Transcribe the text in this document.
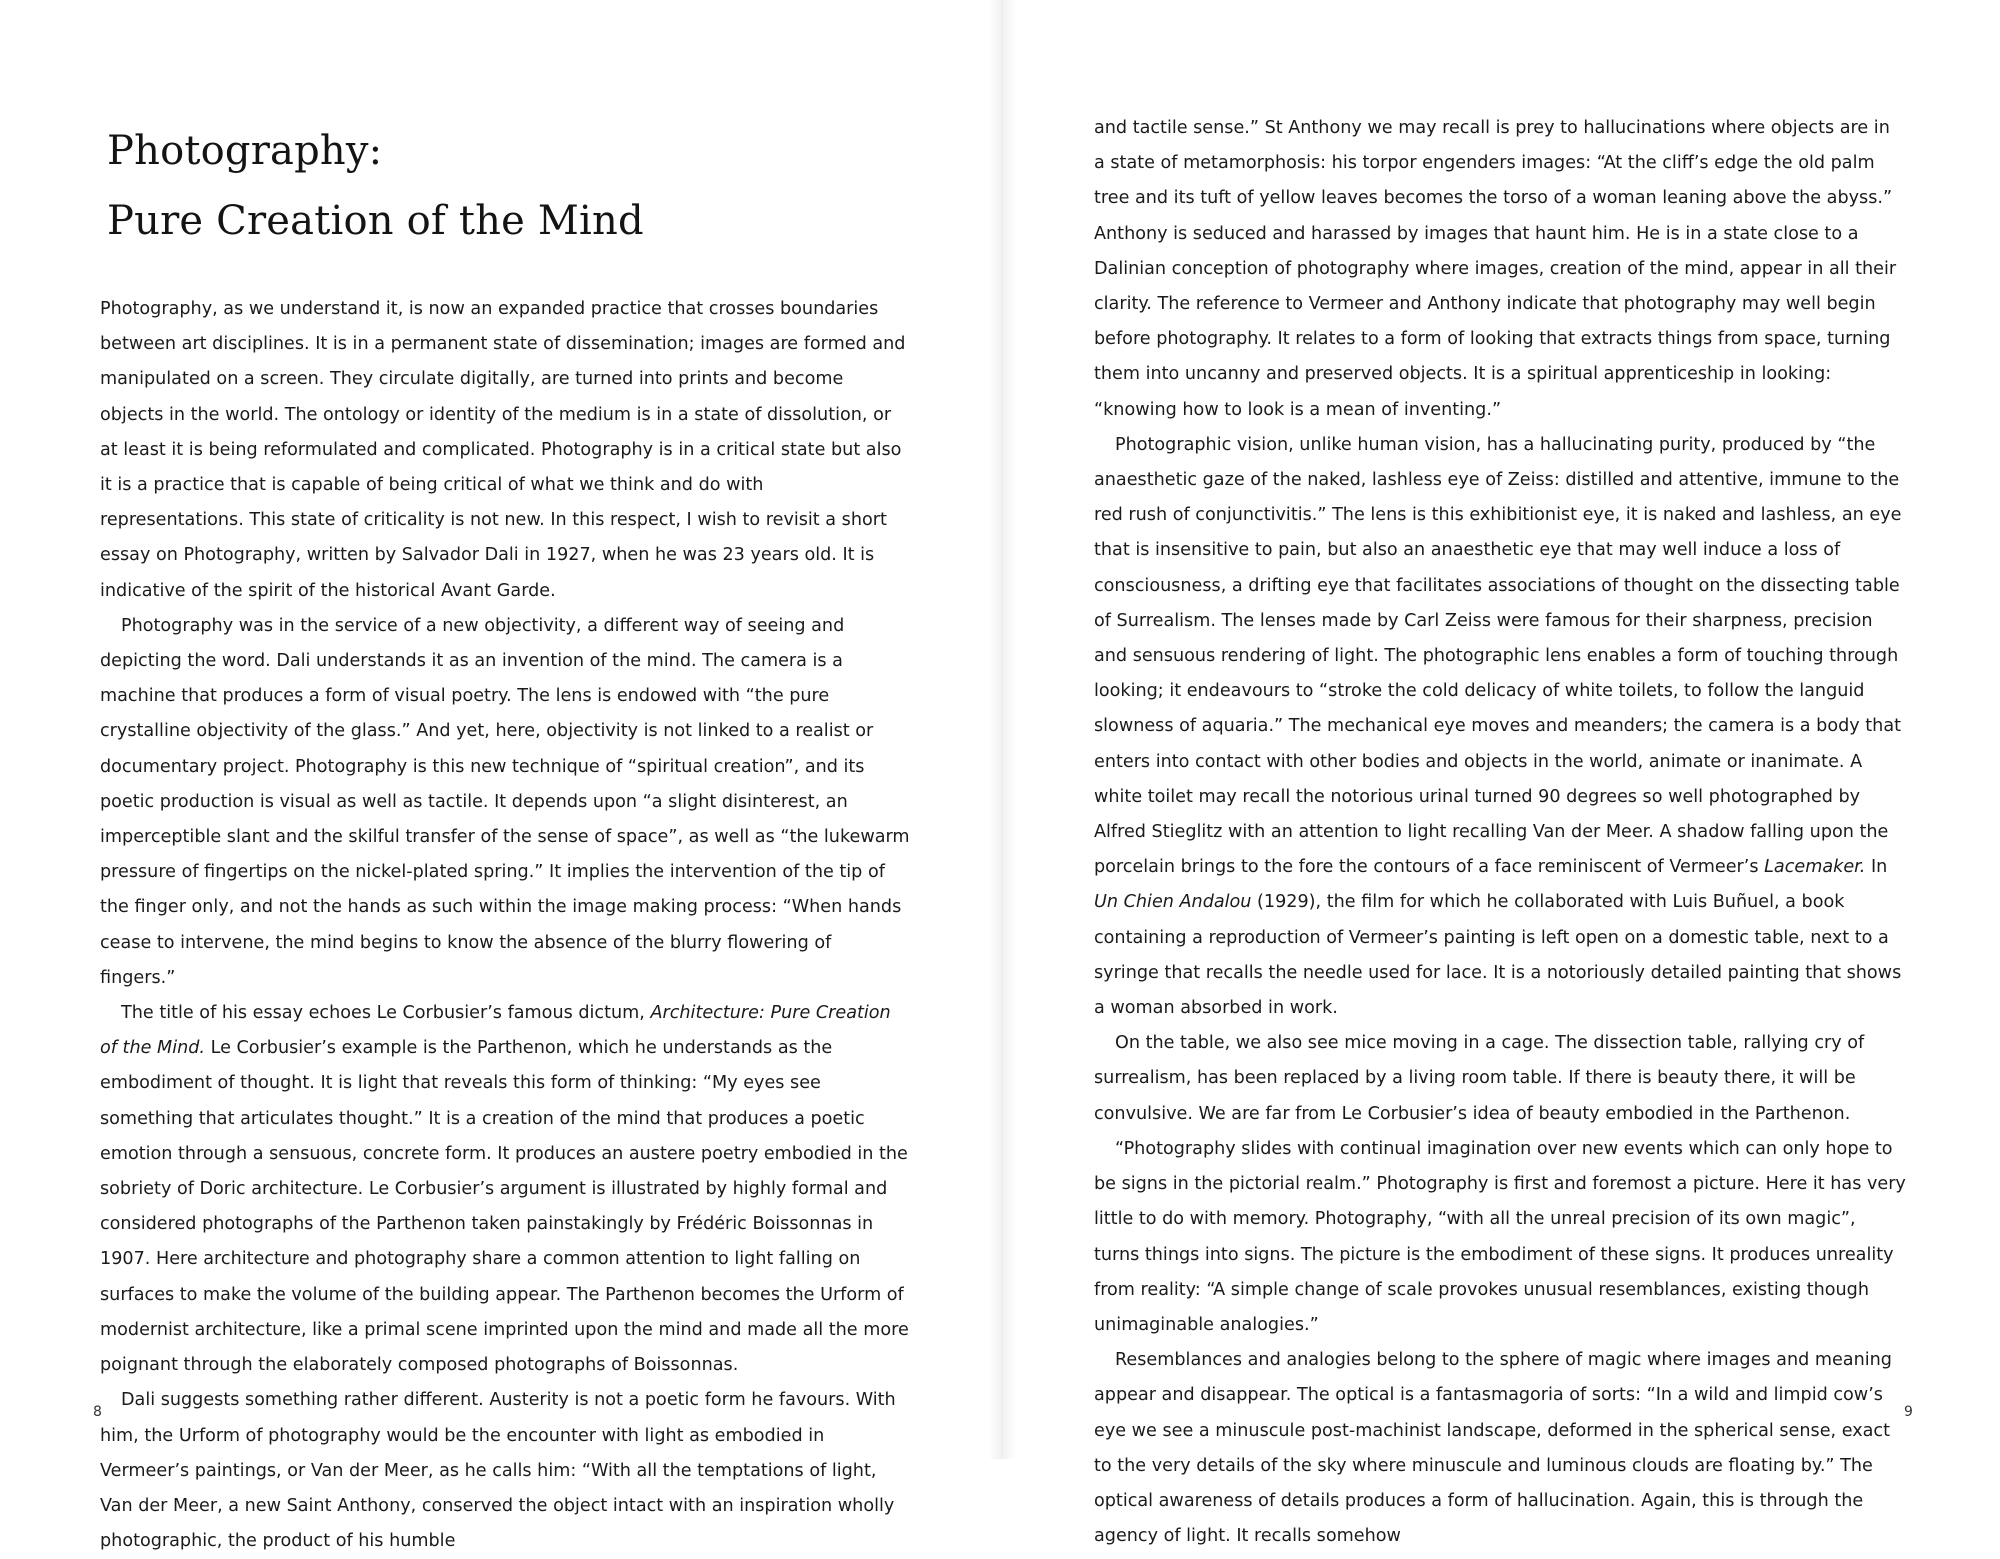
Photography:
Pure Creation of the Mind

Photography, as we understand it, is now an expanded practice that crosses boundaries between art disciplines. It is in a permanent state of dissemination; images are formed and manipulated on a screen. They circulate digitally, are turned into prints and become objects in the world. The ontology or identity of the medium is in a state of dissolution, or at least it is being reformulated and complicated. Photography is in a critical state but also it is a practice that is capable of being critical of what we think and do with representations. This state of criticality is not new. In this respect, I wish to revisit a short essay on Photography, written by Salvador Dali in 1927, when he was 23 years old. It is indicative of the spirit of the historical Avant Garde.

Photography was in the service of a new objectivity, a different way of seeing and depicting the word. Dali understands it as an invention of the mind. The camera is a machine that produces a form of visual poetry. The lens is endowed with “the pure crystalline objectivity of the glass.” And yet, here, objectivity is not linked to a realist or documentary project. Photography is this new technique of “spiritual creation”, and its poetic production is visual as well as tactile. It depends upon “a slight disinterest, an imperceptible slant and the skilful transfer of the sense of space”, as well as “the lukewarm pressure of fingertips on the nickel-plated spring.” It implies the intervention of the tip of the finger only, and not the hands as such within the image making process: “When hands cease to intervene, the mind begins to know the absence of the blurry flowering of fingers.”

The title of his essay echoes Le Corbusier’s famous dictum, Architecture: Pure Creation of the Mind. Le Corbusier’s example is the Parthenon, which he understands as the embodiment of thought. It is light that reveals this form of thinking: “My eyes see something that articulates thought.” It is a creation of the mind that produces a poetic emotion through a sensuous, concrete form. It produces an austere poetry embodied in the sobriety of Doric architecture. Le Corbusier’s argument is illustrated by highly formal and considered photographs of the Parthenon taken painstakingly by Frédéric Boissonnas in 1907. Here architecture and photography share a common attention to light falling on surfaces to make the volume of the building appear. The Parthenon becomes the Urform of modernist architecture, like a primal scene imprinted upon the mind and made all the more poignant through the elaborately composed photographs of Boissonnas.

Dali suggests something rather different. Austerity is not a poetic form he favours. With him, the Urform of photography would be the encounter with light as embodied in Vermeer’s paintings, or Van der Meer, as he calls him: “With all the temptations of light, Van der Meer, a new Saint Anthony, conserved the object intact with an inspiration wholly photographic, the product of his humble

8

and tactile sense.” St Anthony we may recall is prey to hallucinations where objects are in a state of metamorphosis: his torpor engenders images: “At the cliff’s edge the old palm tree and its tuft of yellow leaves becomes the torso of a woman leaning above the abyss.” Anthony is seduced and harassed by images that haunt him. He is in a state close to a Dalinian conception of photography where images, creation of the mind, appear in all their clarity. The reference to Vermeer and Anthony indicate that photography may well begin before photography. It relates to a form of looking that extracts things from space, turning them into uncanny and preserved objects. It is a spiritual apprenticeship in looking: “knowing how to look is a mean of inventing.”

Photographic vision, unlike human vision, has a hallucinating purity, produced by “the anaesthetic gaze of the naked, lashless eye of Zeiss: distilled and attentive, immune to the red rush of conjunctivitis.” The lens is this exhibitionist eye, it is naked and lashless, an eye that is insensitive to pain, but also an anaesthetic eye that may well induce a loss of consciousness, a drifting eye that facilitates associations of thought on the dissecting table of Surrealism. The lenses made by Carl Zeiss were famous for their sharpness, precision and sensuous rendering of light. The photographic lens enables a form of touching through looking; it endeavours to “stroke the cold delicacy of white toilets, to follow the languid slowness of aquaria.” The mechanical eye moves and meanders; the camera is a body that enters into contact with other bodies and objects in the world, animate or inanimate. A white toilet may recall the notorious urinal turned 90 degrees so well photographed by Alfred Stieglitz with an attention to light recalling Van der Meer. A shadow falling upon the porcelain brings to the fore the contours of a face reminiscent of Vermeer’s Lacemaker. In Un Chien Andalou (1929), the film for which he collaborated with Luis Buñuel, a book containing a reproduction of Vermeer’s painting is left open on a domestic table, next to a syringe that recalls the needle used for lace. It is a notoriously detailed painting that shows a woman absorbed in work.

On the table, we also see mice moving in a cage. The dissection table, rallying cry of surrealism, has been replaced by a living room table. If there is beauty there, it will be convulsive. We are far from Le Corbusier’s idea of beauty embodied in the Parthenon.

“Photography slides with continual imagination over new events which can only hope to be signs in the pictorial realm.” Photography is first and foremost a picture. Here it has very little to do with memory. Photography, “with all the unreal precision of its own magic”, turns things into signs. The picture is the embodiment of these signs. It produces unreality from reality: “A simple change of scale provokes unusual resemblances, existing though unimaginable analogies.”

Resemblances and analogies belong to the sphere of magic where images and meaning appear and disappear. The optical is a fantasmagoria of sorts: “In a wild and limpid cow’s eye we see a minuscule post-machinist landscape, deformed in the spherical sense, exact to the very details of the sky where minuscule and luminous clouds are floating by.” The optical awareness of details produces a form of hallucination. Again, this is through the agency of light. It recalls somehow

9
